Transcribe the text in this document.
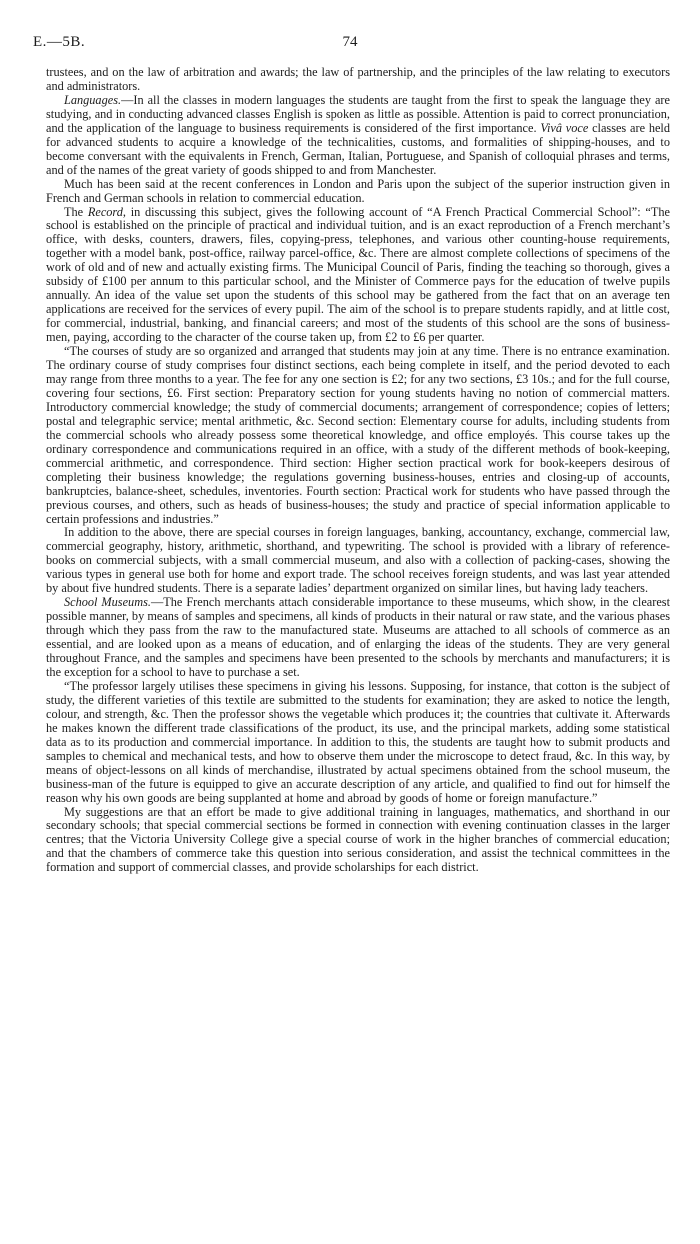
E.—5B.	74

trustees, and on the law of arbitration and awards; the law of partnership, and the principles of the law relating to executors and administrators.

Languages.—In all the classes in modern languages the students are taught from the first to speak the language they are studying, and in conducting advanced classes English is spoken as little as possible. Attention is paid to correct pronunciation, and the application of the language to business requirements is considered of the first importance. Vivâ voce classes are held for advanced students to acquire a knowledge of the technicalities, customs, and formalities of shipping-houses, and to become conversant with the equivalents in French, German, Italian, Portuguese, and Spanish of colloquial phrases and terms, and of the names of the great variety of goods shipped to and from Manchester.

Much has been said at the recent conferences in London and Paris upon the subject of the superior instruction given in French and German schools in relation to commercial education.

The Record, in discussing this subject, gives the following account of “A French Practical Commercial School”: “The school is established on the principle of practical and individual tuition, and is an exact reproduction of a French merchant’s office, with desks, counters, drawers, files, copying-press, telephones, and various other counting-house requirements, together with a model bank, post-office, railway parcel-office, &c. There are almost complete collections of specimens of the work of old and of new and actually existing firms. The Municipal Council of Paris, finding the teaching so thorough, gives a subsidy of £100 per annum to this particular school, and the Minister of Commerce pays for the education of twelve pupils annually. An idea of the value set upon the students of this school may be gathered from the fact that on an average ten applications are received for the services of every pupil. The aim of the school is to prepare students rapidly, and at little cost, for commercial, industrial, banking, and financial careers; and most of the students of this school are the sons of business-men, paying, according to the character of the course taken up, from £2 to £6 per quarter.

“The courses of study are so organized and arranged that students may join at any time. There is no entrance examination. The ordinary course of study comprises four distinct sections, each being complete in itself, and the period devoted to each may range from three months to a year. The fee for any one section is £2; for any two sections, £3 10s.; and for the full course, covering four sections, £6. First section: Preparatory section for young students having no notion of commercial matters. Introductory commercial knowledge; the study of commercial documents; arrangement of correspondence; copies of letters; postal and telegraphic service; mental arithmetic, &c. Second section: Elementary course for adults, including students from the commercial schools who already possess some theoretical knowledge, and office employés. This course takes up the ordinary correspondence and communications required in an office, with a study of the different methods of book-keeping, commercial arithmetic, and correspondence. Third section: Higher section practical work for book-keepers desirous of completing their business knowledge; the regulations governing business-houses, entries and closing-up of accounts, bankruptcies, balance-sheet, schedules, inventories. Fourth section: Practical work for students who have passed through the previous courses, and others, such as heads of business-houses; the study and practice of special information applicable to certain professions and industries.”

In addition to the above, there are special courses in foreign languages, banking, accountancy, exchange, commercial law, commercial geography, history, arithmetic, shorthand, and typewriting. The school is provided with a library of reference-books on commercial subjects, with a small commercial museum, and also with a collection of packing-cases, showing the various types in general use both for home and export trade. The school receives foreign students, and was last year attended by about five hundred students. There is a separate ladies’ department organized on similar lines, but having lady teachers.

School Museums.—The French merchants attach considerable importance to these museums, which show, in the clearest possible manner, by means of samples and specimens, all kinds of products in their natural or raw state, and the various phases through which they pass from the raw to the manufactured state. Museums are attached to all schools of commerce as an essential, and are looked upon as a means of education, and of enlarging the ideas of the students. They are very general throughout France, and the samples and specimens have been presented to the schools by merchants and manufacturers; it is the exception for a school to have to purchase a set.

“The professor largely utilises these specimens in giving his lessons. Supposing, for instance, that cotton is the subject of study, the different varieties of this textile are submitted to the students for examination; they are asked to notice the length, colour, and strength, &c. Then the professor shows the vegetable which produces it; the countries that cultivate it. Afterwards he makes known the different trade classifications of the product, its use, and the principal markets, adding some statistical data as to its production and commercial importance. In addition to this, the students are taught how to submit products and samples to chemical and mechanical tests, and how to observe them under the microscope to detect fraud, &c. In this way, by means of object-lessons on all kinds of merchandise, illustrated by actual specimens obtained from the school museum, the business-man of the future is equipped to give an accurate description of any article, and qualified to find out for himself the reason why his own goods are being supplanted at home and abroad by goods of home or foreign manufacture.”

My suggestions are that an effort be made to give additional training in languages, mathematics, and shorthand in our secondary schools; that special commercial sections be formed in connection with evening continuation classes in the larger centres; that the Victoria University College give a special course of work in the higher branches of commercial education; and that the chambers of commerce take this question into serious consideration, and assist the technical committees in the formation and support of commercial classes, and provide scholarships for each district.
